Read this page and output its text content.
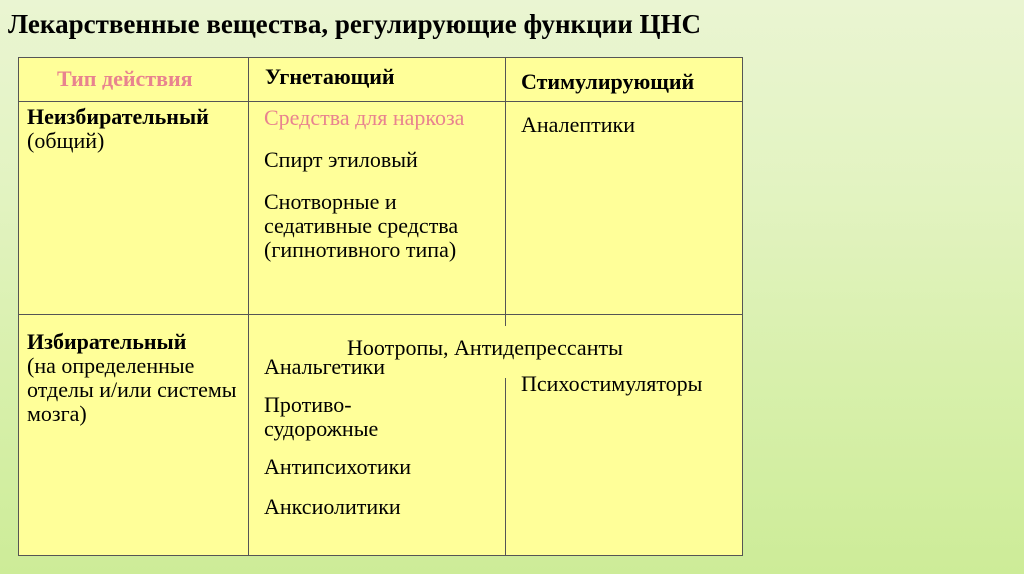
Лекарственные вещества, регулирующие функции ЦНС
Тип действия	Угнетающий	Стимулирующий
Неизбирательный
(общий)
Средства для наркоза
Спирт этиловый
Снотворные и седативные средства (гипнотивного типа)
Аналептики
Избирательный
(на определенные отделы и/или системы мозга)
Ноотропы, Антидепрессанты
Анальгетики
Противо-судорожные
Антипсихотики
Анксиолитики
Психостимуляторы
